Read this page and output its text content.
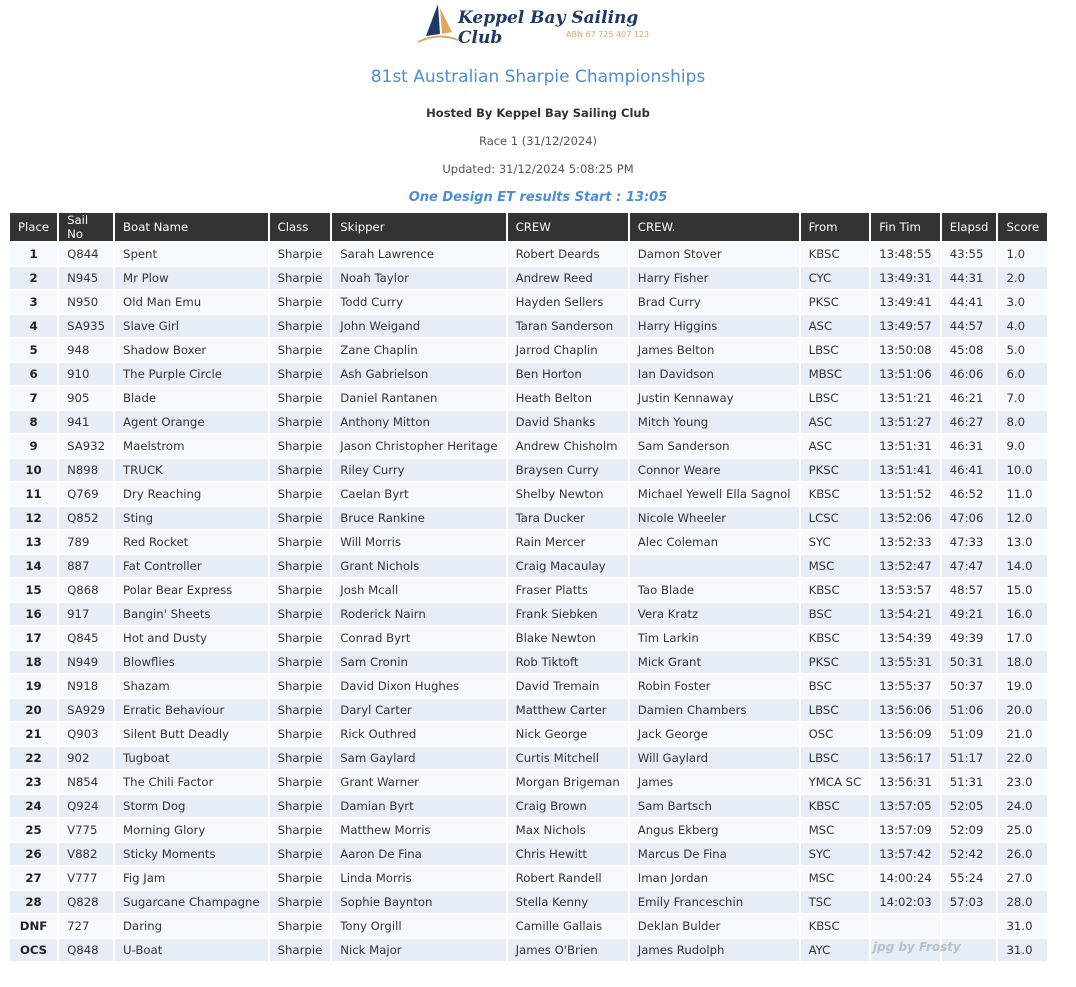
Keppel Bay Sailing Club	ABN 67 725 407 123
81st Australian Sharpie Championships
Hosted By Keppel Bay Sailing Club
Race 1 (31/12/2024)
Updated: 31/12/2024 5:08:25 PM
One Design ET results Start : 13:05
Place	Sail No	Boat Name	Class	Skipper	CREW	CREW.	From	Fin Tim	Elapsd	Score
1	Q844	Spent	Sharpie	Sarah Lawrence	Robert Deards	Damon Stover	KBSC	13:48:55	43:55	1.0
2	N945	Mr Plow	Sharpie	Noah Taylor	Andrew Reed	Harry Fisher	CYC	13:49:31	44:31	2.0
3	N950	Old Man Emu	Sharpie	Todd Curry	Hayden Sellers	Brad Curry	PKSC	13:49:41	44:41	3.0
4	SA935	Slave Girl	Sharpie	John Weigand	Taran Sanderson	Harry Higgins	ASC	13:49:57	44:57	4.0
5	948	Shadow Boxer	Sharpie	Zane Chaplin	Jarrod Chaplin	James Belton	LBSC	13:50:08	45:08	5.0
6	910	The Purple Circle	Sharpie	Ash Gabrielson	Ben Horton	Ian Davidson	MBSC	13:51:06	46:06	6.0
7	905	Blade	Sharpie	Daniel Rantanen	Heath Belton	Justin Kennaway	LBSC	13:51:21	46:21	7.0
8	941	Agent Orange	Sharpie	Anthony Mitton	David Shanks	Mitch Young	ASC	13:51:27	46:27	8.0
9	SA932	Maelstrom	Sharpie	Jason Christopher Heritage	Andrew Chisholm	Sam Sanderson	ASC	13:51:31	46:31	9.0
10	N898	TRUCK	Sharpie	Riley Curry	Braysen Curry	Connor Weare	PKSC	13:51:41	46:41	10.0
11	Q769	Dry Reaching	Sharpie	Caelan Byrt	Shelby Newton	Michael Yewell Ella Sagnol	KBSC	13:51:52	46:52	11.0
12	Q852	Sting	Sharpie	Bruce Rankine	Tara Ducker	Nicole Wheeler	LCSC	13:52:06	47:06	12.0
13	789	Red Rocket	Sharpie	Will Morris	Rain Mercer	Alec Coleman	SYC	13:52:33	47:33	13.0
14	887	Fat Controller	Sharpie	Grant Nichols	Craig Macaulay		MSC	13:52:47	47:47	14.0
15	Q868	Polar Bear Express	Sharpie	Josh Mcall	Fraser Platts	Tao Blade	KBSC	13:53:57	48:57	15.0
16	917	Bangin' Sheets	Sharpie	Roderick Nairn	Frank Siebken	Vera Kratz	BSC	13:54:21	49:21	16.0
17	Q845	Hot and Dusty	Sharpie	Conrad Byrt	Blake Newton	Tim Larkin	KBSC	13:54:39	49:39	17.0
18	N949	Blowflies	Sharpie	Sam Cronin	Rob Tiktoft	Mick Grant	PKSC	13:55:31	50:31	18.0
19	N918	Shazam	Sharpie	David Dixon Hughes	David Tremain	Robin Foster	BSC	13:55:37	50:37	19.0
20	SA929	Erratic Behaviour	Sharpie	Daryl Carter	Matthew Carter	Damien Chambers	LBSC	13:56:06	51:06	20.0
21	Q903	Silent Butt Deadly	Sharpie	Rick Outhred	Nick George	Jack George	OSC	13:56:09	51:09	21.0
22	902	Tugboat	Sharpie	Sam Gaylard	Curtis Mitchell	Will Gaylard	LBSC	13:56:17	51:17	22.0
23	N854	The Chili Factor	Sharpie	Grant Warner	Morgan Brigeman	James	YMCA SC	13:56:31	51:31	23.0
24	Q924	Storm Dog	Sharpie	Damian Byrt	Craig Brown	Sam Bartsch	KBSC	13:57:05	52:05	24.0
25	V775	Morning Glory	Sharpie	Matthew Morris	Max Nichols	Angus Ekberg	MSC	13:57:09	52:09	25.0
26	V882	Sticky Moments	Sharpie	Aaron De Fina	Chris Hewitt	Marcus De Fina	SYC	13:57:42	52:42	26.0
27	V777	Fig Jam	Sharpie	Linda Morris	Robert Randell	Iman Jordan	MSC	14:00:24	55:24	27.0
28	Q828	Sugarcane Champagne	Sharpie	Sophie Baynton	Stella Kenny	Emily Franceschin	TSC	14:02:03	57:03	28.0
DNF	727	Daring	Sharpie	Tony Orgill	Camille Gallais	Deklan Bulder	KBSC			31.0
OCS	Q848	U-Boat	Sharpie	Nick Major	James O'Brien	James Rudolph	AYC			31.0
jpg by Frosty
